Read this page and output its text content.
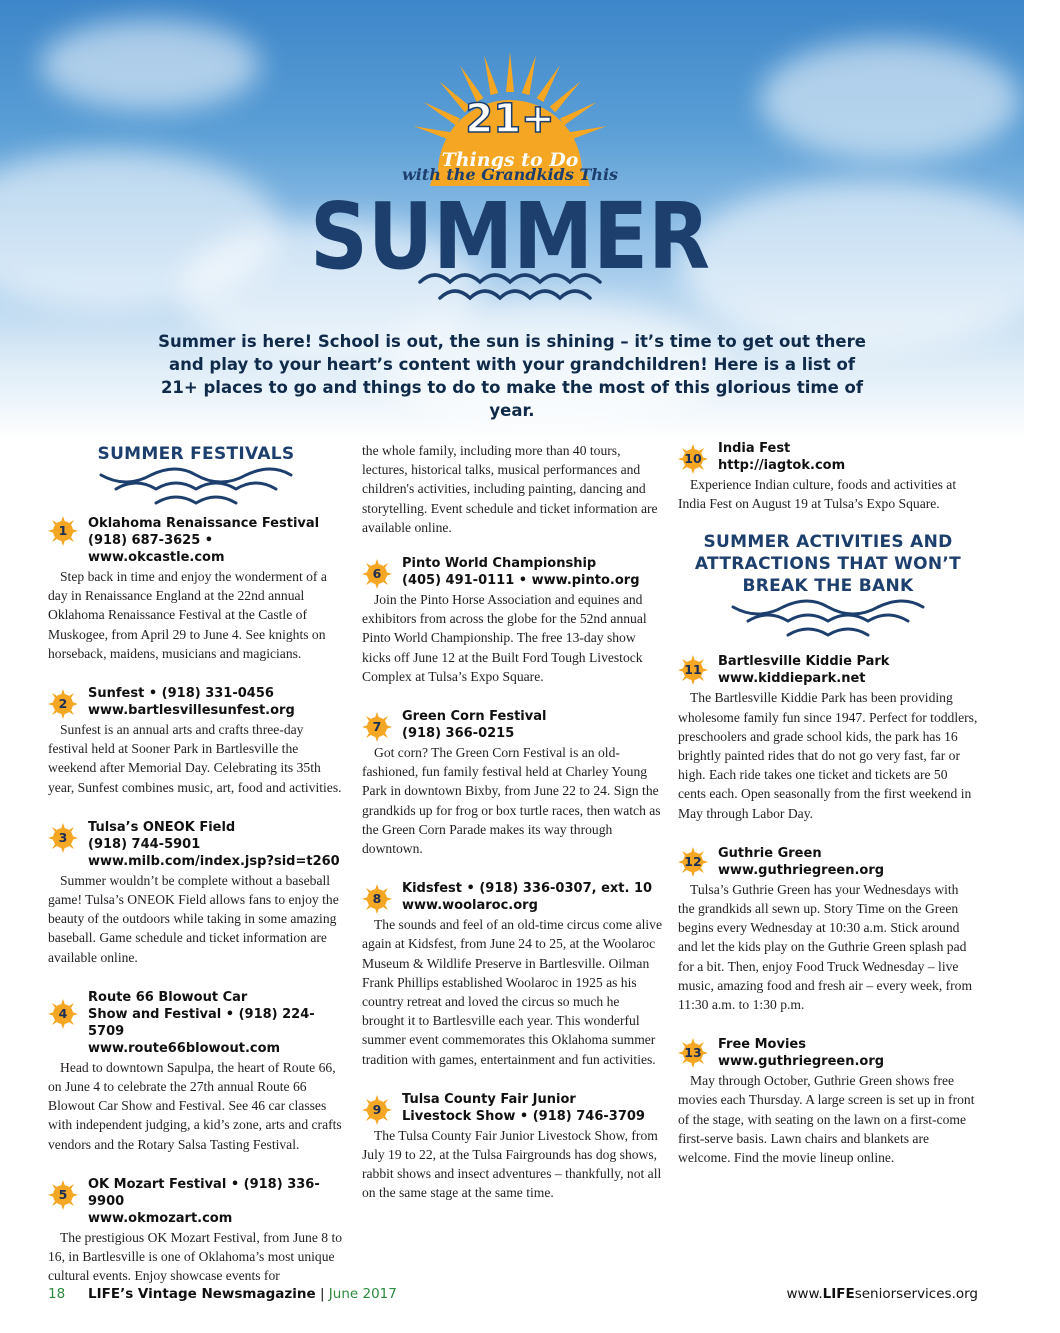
21+
Things to Do
with the Grandkids This
SUMMER
Summer is here! School is out, the sun is shining – it’s time to get out there and play to your heart’s content with your grandchildren! Here is a list of 21+ places to go and things to do to make the most of this glorious time of year.
SUMMER FESTIVALS
1	Oklahoma Renaissance Festival
(918) 687-3625 • www.okcastle.com
Step back in time and enjoy the wonderment of a day in Renaissance England at the 22nd annual Oklahoma Renaissance Festival at the Castle of Muskogee, from April 29 to June 4. See knights on horseback, maidens, musicians and magicians.
2
Sunfest • (918) 331-0456
www.bartlesvillesunfest.org
Sunfest is an annual arts and crafts three-day festival held at Sooner Park in Bartlesville the weekend after Memorial Day. Celebrating its 35th year, Sunfest combines music, art, food and activities.
3
Tulsa’s ONEOK Field
(918) 744-5901
www.milb.com/index.jsp?sid=t260
Summer wouldn’t be complete without a baseball game! Tulsa’s ONEOK Field allows fans to enjoy the beauty of the outdoors while taking in some amazing baseball. Game schedule and ticket information are available online.
4
Route 66 Blowout Car
Show and Festival • (918) 224-5709
www.route66blowout.com
Head to downtown Sapulpa, the heart of Route 66, on June 4 to celebrate the 27th annual Route 66 Blowout Car Show and Festival. See 46 car classes with independent judging, a kid’s zone, arts and crafts vendors and the Rotary Salsa Tasting Festival.
5
OK Mozart Festival • (918) 336-9900
www.okmozart.com
The prestigious OK Mozart Festival, from June 8 to 16, in Bartlesville is one of Oklahoma’s most unique cultural events. Enjoy showcase events for
the whole family, including more than 40 tours, lectures, historical talks, musical performances and children's activities, including painting, dancing and storytelling. Event schedule and ticket information are available online.
6
Pinto World Championship
(405) 491-0111 • www.pinto.org
Join the Pinto Horse Association and equines and exhibitors from across the globe for the 52nd annual Pinto World Championship. The free 13-day show kicks off June 12 at the Built Ford Tough Livestock Complex at Tulsa’s Expo Square.
7
Green Corn Festival
(918) 366-0215
Got corn? The Green Corn Festival is an old-fashioned, fun family festival held at Charley Young Park in downtown Bixby, from June 22 to 24. Sign the grandkids up for frog or box turtle races, then watch as the Green Corn Parade makes its way through downtown.
8
Kidsfest • (918) 336-0307, ext. 10
www.woolaroc.org
The sounds and feel of an old-time circus come alive again at Kidsfest, from June 24 to 25, at the Woolaroc Museum & Wildlife Preserve in Bartlesville. Oilman Frank Phillips established Woolaroc in 1925 as his country retreat and loved the circus so much he brought it to Bartlesville each year. This wonderful summer event commemorates this Oklahoma summer tradition with games, entertainment and fun activities.
9
Tulsa County Fair Junior
Livestock Show • (918) 746-3709
The Tulsa County Fair Junior Livestock Show, from July 19 to 22, at the Tulsa Fairgrounds has dog shows, rabbit shows and insect adventures – thankfully, not all on the same stage at the same time.
10
India Fest
http://iagtok.com
Experience Indian culture, foods and activities at India Fest on August 19 at Tulsa’s Expo Square.
SUMMER ACTIVITIES AND ATTRACTIONS THAT WON’T BREAK THE BANK
11
Bartlesville Kiddie Park
www.kiddiepark.net
The Bartlesville Kiddie Park has been providing wholesome family fun since 1947. Perfect for toddlers, preschoolers and grade school kids, the park has 16 brightly painted rides that do not go very fast, far or high. Each ride takes one ticket and tickets are 50 cents each. Open seasonally from the first weekend in May through Labor Day.
12
Guthrie Green
www.guthriegreen.org
Tulsa’s Guthrie Green has your Wednesdays with the grandkids all sewn up. Story Time on the Green begins every Wednesday at 10:30 a.m. Stick around and let the kids play on the Guthrie Green splash pad for a bit. Then, enjoy Food Truck Wednesday – live music, amazing food and fresh air – every week, from 11:30 a.m. to 1:30 p.m.
13
Free Movies
www.guthriegreen.org
May through October, Guthrie Green shows free movies each Thursday. A large screen is set up in front of the stage, with seating on the lawn on a first-come first-serve basis. Lawn chairs and blankets are welcome. Find the movie lineup online.
18 LIFE’s Vintage Newsmagazine | June 2017	www.LIFEseniorservices.org
